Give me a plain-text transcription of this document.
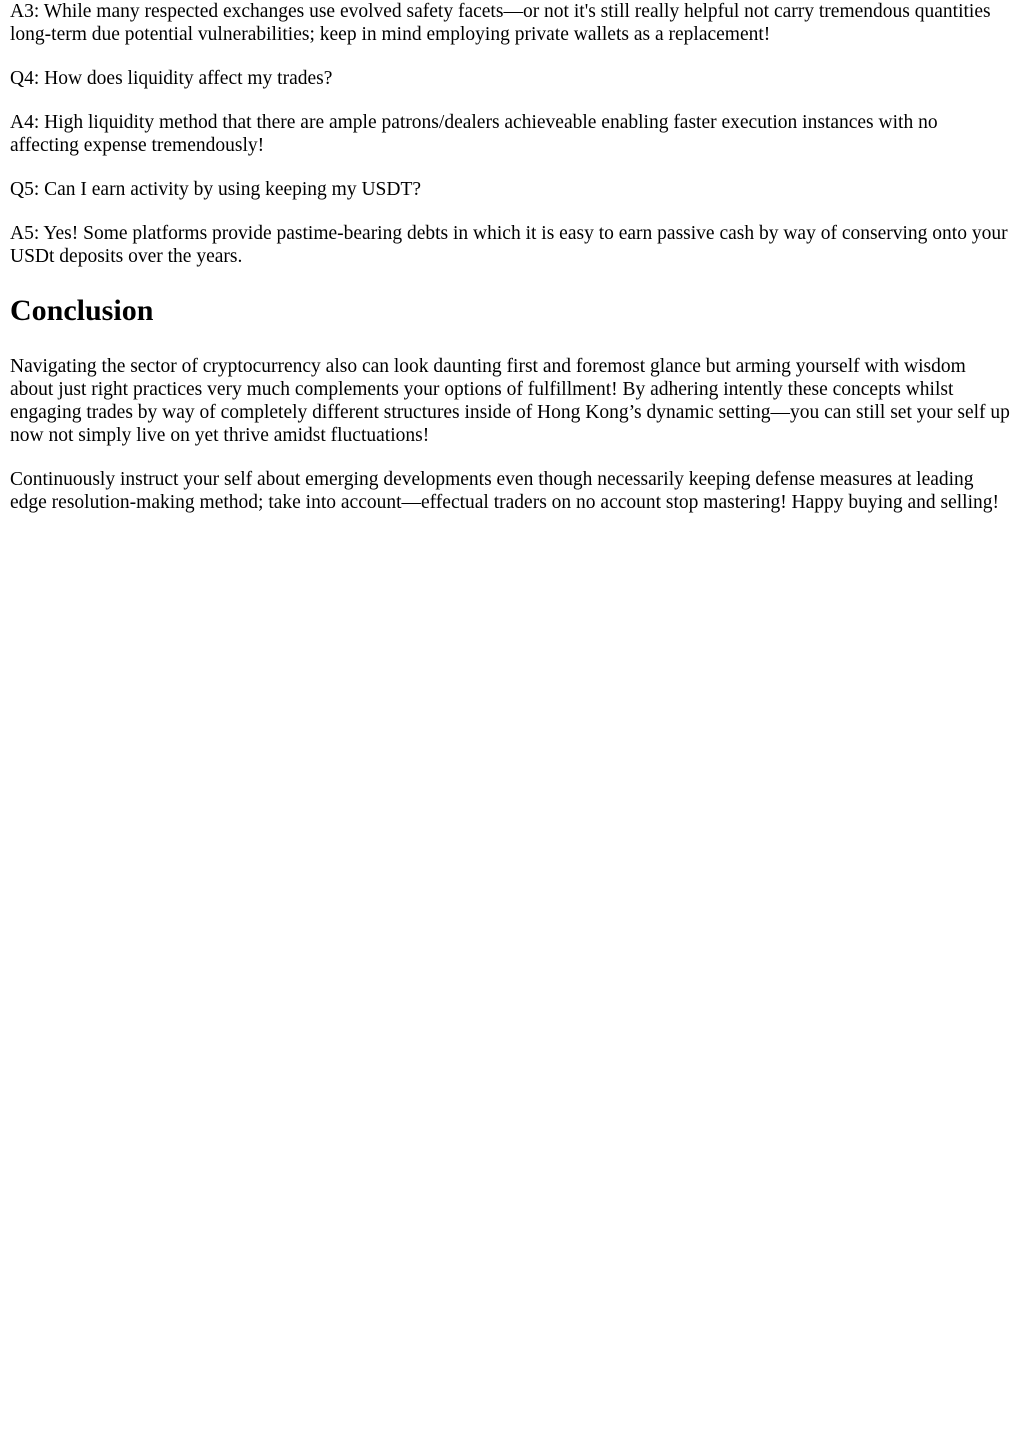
A3: While many respected exchanges use evolved safety facets—or not it's still really helpful not carry tremendous quantities long-term due potential vulnerabilities; keep in mind employing private wallets as a replacement!

Q4: How does liquidity affect my trades?

A4: High liquidity method that there are ample patrons/dealers achieveable enabling faster execution instances with no affecting expense tremendously!

Q5: Can I earn activity by using keeping my USDT?

A5: Yes! Some platforms provide pastime-bearing debts in which it is easy to earn passive cash by way of conserving onto your USDt deposits over the years.

Conclusion

Navigating the sector of cryptocurrency also can look daunting first and foremost glance but arming yourself with wisdom about just right practices very much complements your options of fulfillment! By adhering intently these concepts whilst engaging trades by way of completely different structures inside of Hong Kong’s dynamic setting—you can still set your self up now not simply live on yet thrive amidst fluctuations!

Continuously instruct your self about emerging developments even though necessarily keeping defense measures at leading edge resolution-making method; take into account—effectual traders on no account stop mastering! Happy buying and selling!
